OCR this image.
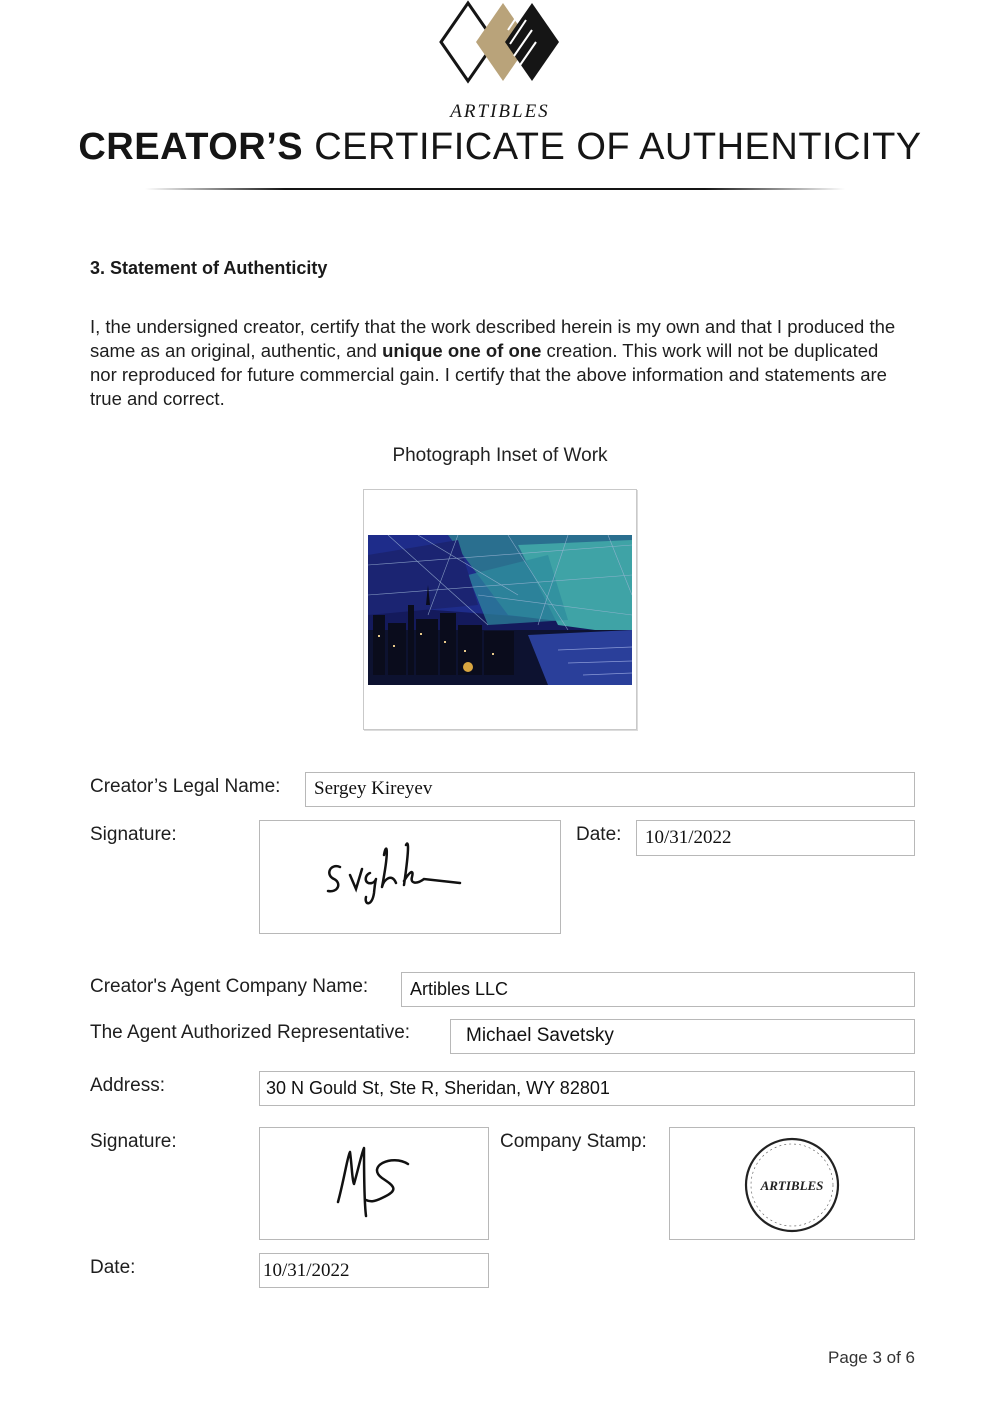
ARTIBLES
CREATOR’S CERTIFICATE OF AUTHENTICITY
3. Statement of Authenticity
I, the undersigned creator, certify that the work described herein is my own and that I produced the same as an original, authentic, and unique one of one creation. This work will not be duplicated nor reproduced for future commercial gain. I certify that the above information and statements are true and correct.
Photograph Inset of Work
Creator’s Legal Name:	Sergey Kireyev
Signature:	Date:	10/31/2022
Creator's Agent Company Name:	Artibles LLC
The Agent Authorized Representative:	Michael Savetsky
Address:	30 N Gould St, Ste R, Sheridan, WY 82801
Signature:	Company Stamp:
ARTIBLES
Date:	10/31/2022
Page 3 of 6
